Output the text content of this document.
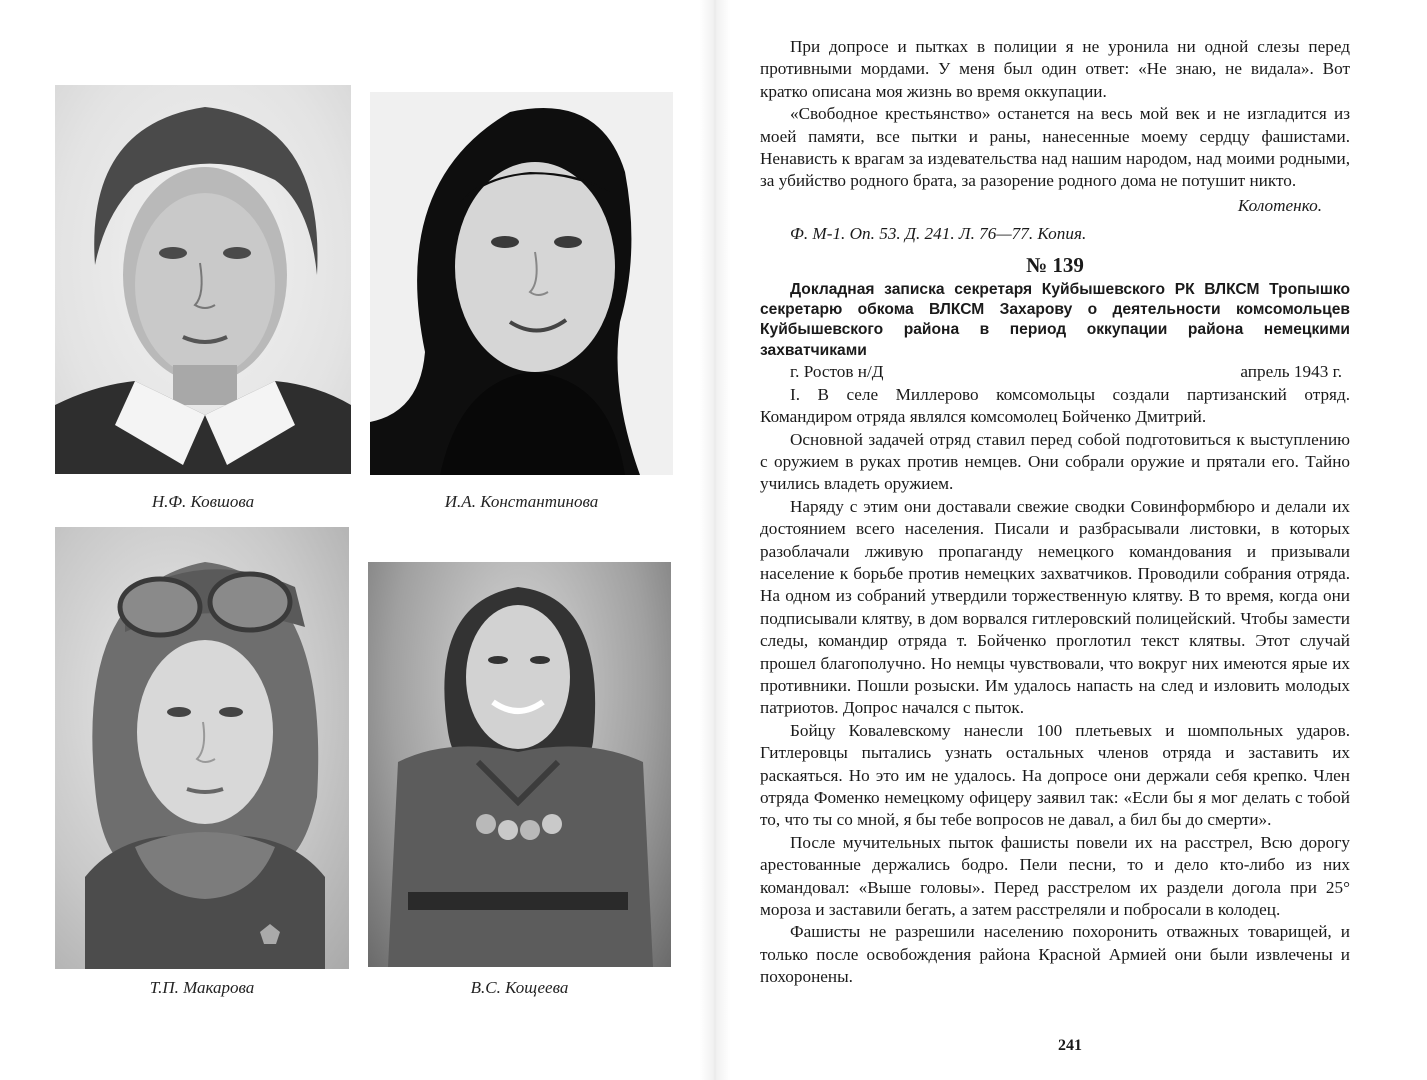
Н.Ф. Ковшова	И.А. Константинова
Т.П. Макарова	В.С. Кощеева

При допросе и пытках в полиции я не уронила ни одной слезы перед противными мордами. У меня был один ответ: «Не знаю, не видала». Вот кратко описана моя жизнь во время оккупации.

«Свободное крестьянство» останется на весь мой век и не изгладится из моей памяти, все пытки и раны, нанесенные моему сердцу фашистами. Ненависть к врагам за издевательства над нашим народом, над моими родными, за убийство родного брата, за разорение родного дома не потушит никто.

Колотенко.
Ф. М-1. Оп. 53. Д. 241. Л. 76—77. Копия.
№ 139

Докладная записка секретаря Куйбышевского РК ВЛКСМ Тропышко секретарю обкома ВЛКСМ Захарову о деятельности комсомольцев Куйбышевского района в период оккупации района немецкими захватчиками

г. Ростов н/Д	апрель 1943 г.

I. В селе Миллерово комсомольцы создали партизанский отряд. Командиром отряда являлся комсомолец Бойченко Дмитрий.

Основной задачей отряд ставил перед собой подготовиться к выступлению с оружием в руках против немцев. Они собрали оружие и прятали его. Тайно учились владеть оружием.

Наряду с этим они доставали свежие сводки Совинформбюро и делали их достоянием всего населения. Писали и разбрасывали листовки, в которых разоблачали лживую пропаганду немецкого командования и призывали население к борьбе против немецких захватчиков. Проводили собрания отряда. На одном из собраний утвердили торжественную клятву. В то время, когда они подписывали клятву, в дом ворвался гитлеровский полицейский. Чтобы замести следы, командир отряда т. Бойченко проглотил текст клятвы. Этот случай прошел благополучно. Но немцы чувствовали, что вокруг них имеются ярые их противники. Пошли розыски. Им удалось напасть на след и изловить молодых патриотов. Допрос начался с пыток.

Бойцу Ковалевскому нанесли 100 плетьевых и шомпольных ударов. Гитлеровцы пытались узнать остальных членов отряда и заставить их раскаяться. Но это им не удалось. На допросе они держали себя крепко. Член отряда Фоменко немецкому офицеру заявил так: «Если бы я мог делать с тобой то, что ты со мной, я бы тебе вопросов не давал, а бил бы до смерти».

После мучительных пыток фашисты повели их на расстрел, Всю дорогу арестованные держались бодро. Пели песни, то и дело кто-либо из них командовал: «Выше головы». Перед расстрелом их раздели догола при 25° мороза и заставили бегать, а затем расстреляли и побросали в колодец.

Фашисты не разрешили населению похоронить отважных товарищей, и только после освобождения района Красной Армией они были извлечены и похоронены.

241
